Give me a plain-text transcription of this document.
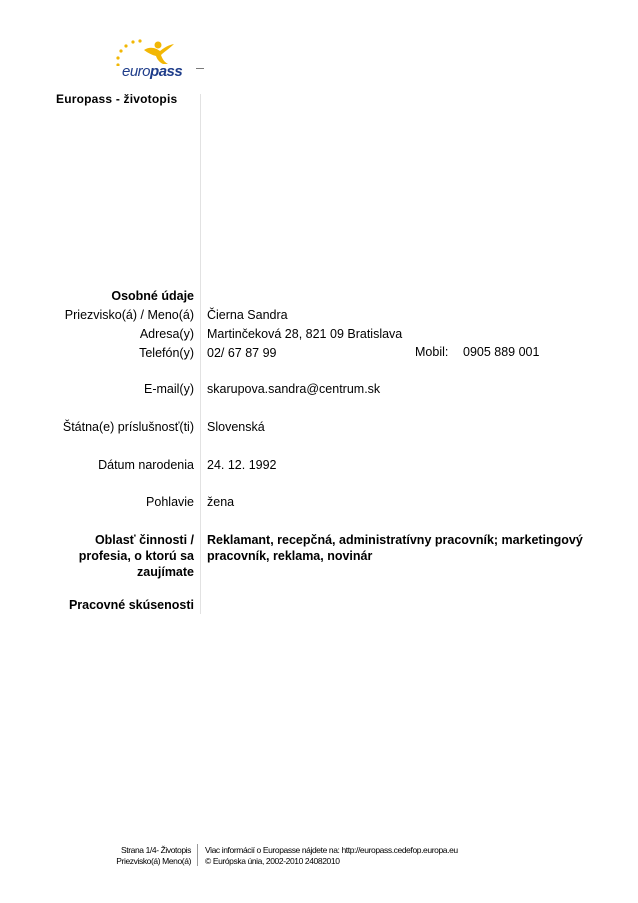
europass
Europass - životopis
Osobné údaje
Priezvisko(á) / Meno(á) Čierna Sandra
Adresa(y) Martinčeková 28, 821 09 Bratislava
Telefón(y) 02/ 67 87 99	Mobil: 0905 889 001
E-mail(y) skarupova.sandra@centrum.sk
Štátna(e) príslušnosť(ti) Slovenská
Dátum narodenia 24. 12. 1992
Pohlavie žena
Oblasť činnosti / profesia, o ktorú sa zaujímate
Reklamant, recepčná, administratívny pracovník; marketingový pracovník, reklama, novinár
Pracovné skúsenosti
Strana 1/4- Životopis
Priezvisko(á) Meno(á)
Viac informácií o Europasse nájdete na: http://europass.cedefop.europa.eu
© Európska únia, 2002-2010 24082010
